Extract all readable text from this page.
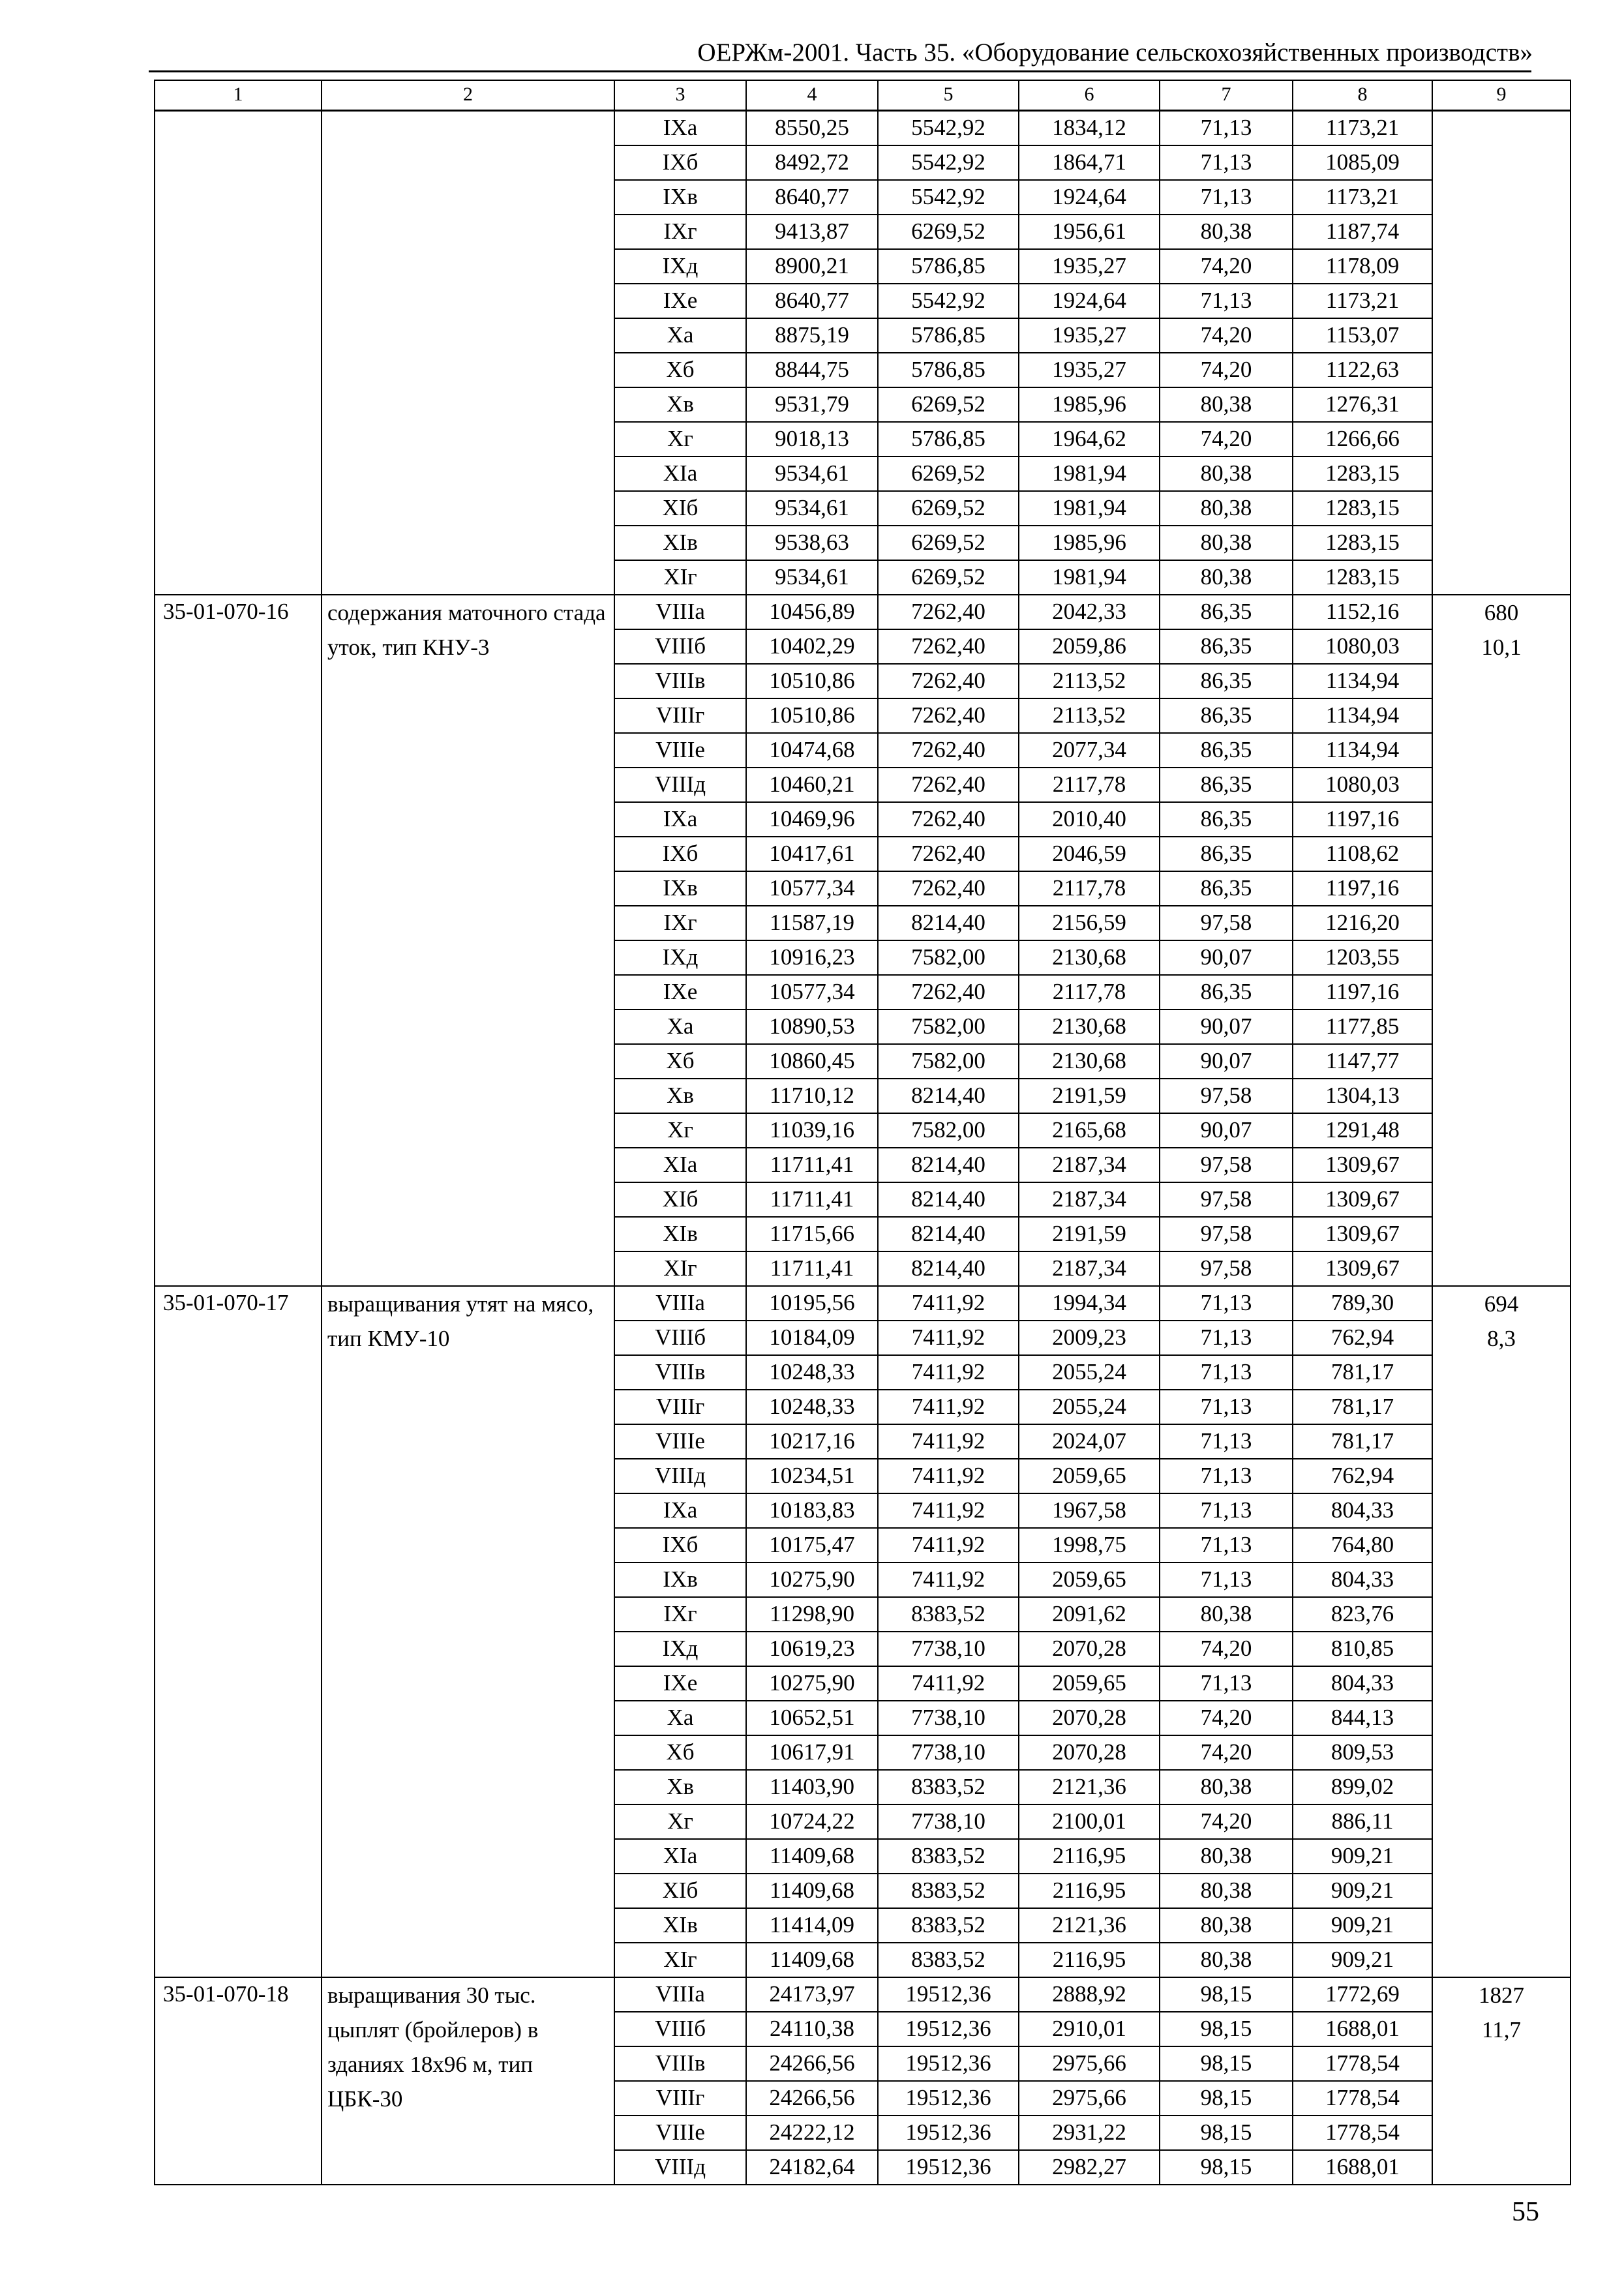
ОЕРЖм-2001. Часть 35. «Оборудование сельскохозяйственных производств»
1	2	3	4	5	6	7	8	9
		IXа	8550,25	5542,92	1834,12	71,13	1173,21	
		IXб	8492,72	5542,92	1864,71	71,13	1085,09	
		IXв	8640,77	5542,92	1924,64	71,13	1173,21	
		IXг	9413,87	6269,52	1956,61	80,38	1187,74	
		IXд	8900,21	5786,85	1935,27	74,20	1178,09	
		IXе	8640,77	5542,92	1924,64	71,13	1173,21	
		Xа	8875,19	5786,85	1935,27	74,20	1153,07	
		Xб	8844,75	5786,85	1935,27	74,20	1122,63	
		Xв	9531,79	6269,52	1985,96	80,38	1276,31	
		Xг	9018,13	5786,85	1964,62	74,20	1266,66	
		XIа	9534,61	6269,52	1981,94	80,38	1283,15	
		XIб	9534,61	6269,52	1981,94	80,38	1283,15	
		XIв	9538,63	6269,52	1985,96	80,38	1283,15	
		XIг	9534,61	6269,52	1981,94	80,38	1283,15	
35-01-070-16	содержания маточного стада уток, тип КНУ-3	VIIIа	10456,89	7262,40	2042,33	86,35	1152,16	680
10,1

		VIIIб	10402,29	7262,40	2059,86	86,35	1080,03	
		VIIIв	10510,86	7262,40	2113,52	86,35	1134,94	
		VIIIг	10510,86	7262,40	2113,52	86,35	1134,94	
		VIIIе	10474,68	7262,40	2077,34	86,35	1134,94	
		VIIIд	10460,21	7262,40	2117,78	86,35	1080,03	
		IXа	10469,96	7262,40	2010,40	86,35	1197,16	
		IXб	10417,61	7262,40	2046,59	86,35	1108,62	
		IXв	10577,34	7262,40	2117,78	86,35	1197,16	
		IXг	11587,19	8214,40	2156,59	97,58	1216,20	
		IXд	10916,23	7582,00	2130,68	90,07	1203,55	
		IXе	10577,34	7262,40	2117,78	86,35	1197,16	
		Xа	10890,53	7582,00	2130,68	90,07	1177,85	
		Xб	10860,45	7582,00	2130,68	90,07	1147,77	
		Xв	11710,12	8214,40	2191,59	97,58	1304,13	
		Xг	11039,16	7582,00	2165,68	90,07	1291,48	
		XIа	11711,41	8214,40	2187,34	97,58	1309,67	
		XIб	11711,41	8214,40	2187,34	97,58	1309,67	
		XIв	11715,66	8214,40	2191,59	97,58	1309,67	
		XIг	11711,41	8214,40	2187,34	97,58	1309,67	
35-01-070-17	выращивания утят на мясо, тип КМУ-10	VIIIа	10195,56	7411,92	1994,34	71,13	789,30	694
8,3

		VIIIб	10184,09	7411,92	2009,23	71,13	762,94	
		VIIIв	10248,33	7411,92	2055,24	71,13	781,17	
		VIIIг	10248,33	7411,92	2055,24	71,13	781,17	
		VIIIе	10217,16	7411,92	2024,07	71,13	781,17	
		VIIIд	10234,51	7411,92	2059,65	71,13	762,94	
		IXа	10183,83	7411,92	1967,58	71,13	804,33	
		IXб	10175,47	7411,92	1998,75	71,13	764,80	
		IXв	10275,90	7411,92	2059,65	71,13	804,33	
		IXг	11298,90	8383,52	2091,62	80,38	823,76	
		IXд	10619,23	7738,10	2070,28	74,20	810,85	
		IXе	10275,90	7411,92	2059,65	71,13	804,33	
		Xа	10652,51	7738,10	2070,28	74,20	844,13	
		Xб	10617,91	7738,10	2070,28	74,20	809,53	
		Xв	11403,90	8383,52	2121,36	80,38	899,02	
		Xг	10724,22	7738,10	2100,01	74,20	886,11	
		XIа	11409,68	8383,52	2116,95	80,38	909,21	
		XIб	11409,68	8383,52	2116,95	80,38	909,21	
		XIв	11414,09	8383,52	2121,36	80,38	909,21	
		XIг	11409,68	8383,52	2116,95	80,38	909,21	
35-01-070-18	выращивания 30 тыс. цыплят (бройлеров) в зданиях 18х96 м, тип ЦБК-30	VIIIа	24173,97	19512,36	2888,92	98,15	1772,69	1827
11,7

		VIIIб	24110,38	19512,36	2910,01	98,15	1688,01	
		VIIIв	24266,56	19512,36	2975,66	98,15	1778,54	
		VIIIг	24266,56	19512,36	2975,66	98,15	1778,54	
		VIIIе	24222,12	19512,36	2931,22	98,15	1778,54	
		VIIIд	24182,64	19512,36	2982,27	98,15	1688,01	
55
